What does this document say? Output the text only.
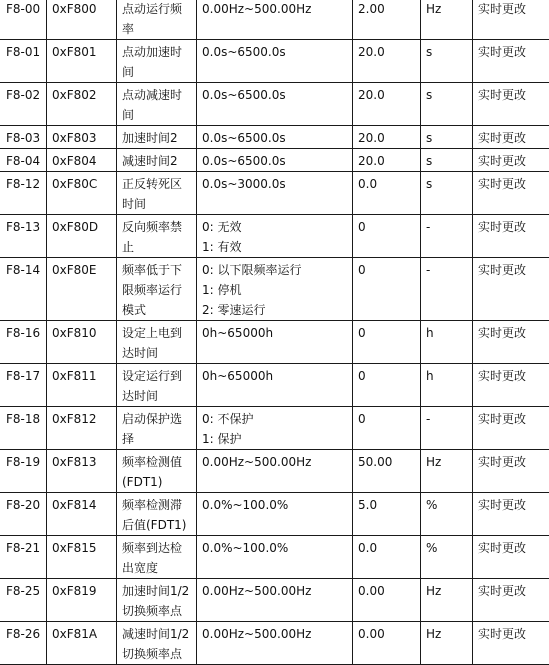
F8-00	0xF800	点动运行频
率	0.00Hz~500.00Hz	2.00	Hz	实时更改
F8-01	0xF801	点动加速时
间	0.0s~6500.0s	20.0	s	实时更改
F8-02	0xF802	点动减速时
间	0.0s~6500.0s	20.0	s	实时更改
F8-03	0xF803	加速时间2	0.0s~6500.0s	20.0	s	实时更改
F8-04	0xF804	减速时间2	0.0s~6500.0s	20.0	s	实时更改
F8-12	0xF80C	正反转死区
时间	0.0s~3000.0s	0.0	s	实时更改
F8-13	0xF80D	反向频率禁
止	0: 无效
1: 有效	0	-	实时更改
F8-14	0xF80E	频率低于下
限频率运行
模式	0: 以下限频率运行
1: 停机
2: 零速运行	0	-	实时更改
F8-16	0xF810	设定上电到
达时间	0h~65000h	0	h	实时更改
F8-17	0xF811	设定运行到
达时间	0h~65000h	0	h	实时更改
F8-18	0xF812	启动保护选
择	0: 不保护
1: 保护	0	-	实时更改
F8-19	0xF813	频率检测值
(FDT1)	0.00Hz~500.00Hz	50.00	Hz	实时更改
F8-20	0xF814	频率检测滞
后值(FDT1)	0.0%~100.0%	5.0	%	实时更改
F8-21	0xF815	频率到达检
出宽度	0.0%~100.0%	0.0	%	实时更改
F8-25	0xF819	加速时间1/2
切换频率点	0.00Hz~500.00Hz	0.00	Hz	实时更改
F8-26	0xF81A	减速时间1/2
切换频率点	0.00Hz~500.00Hz	0.00	Hz	实时更改
